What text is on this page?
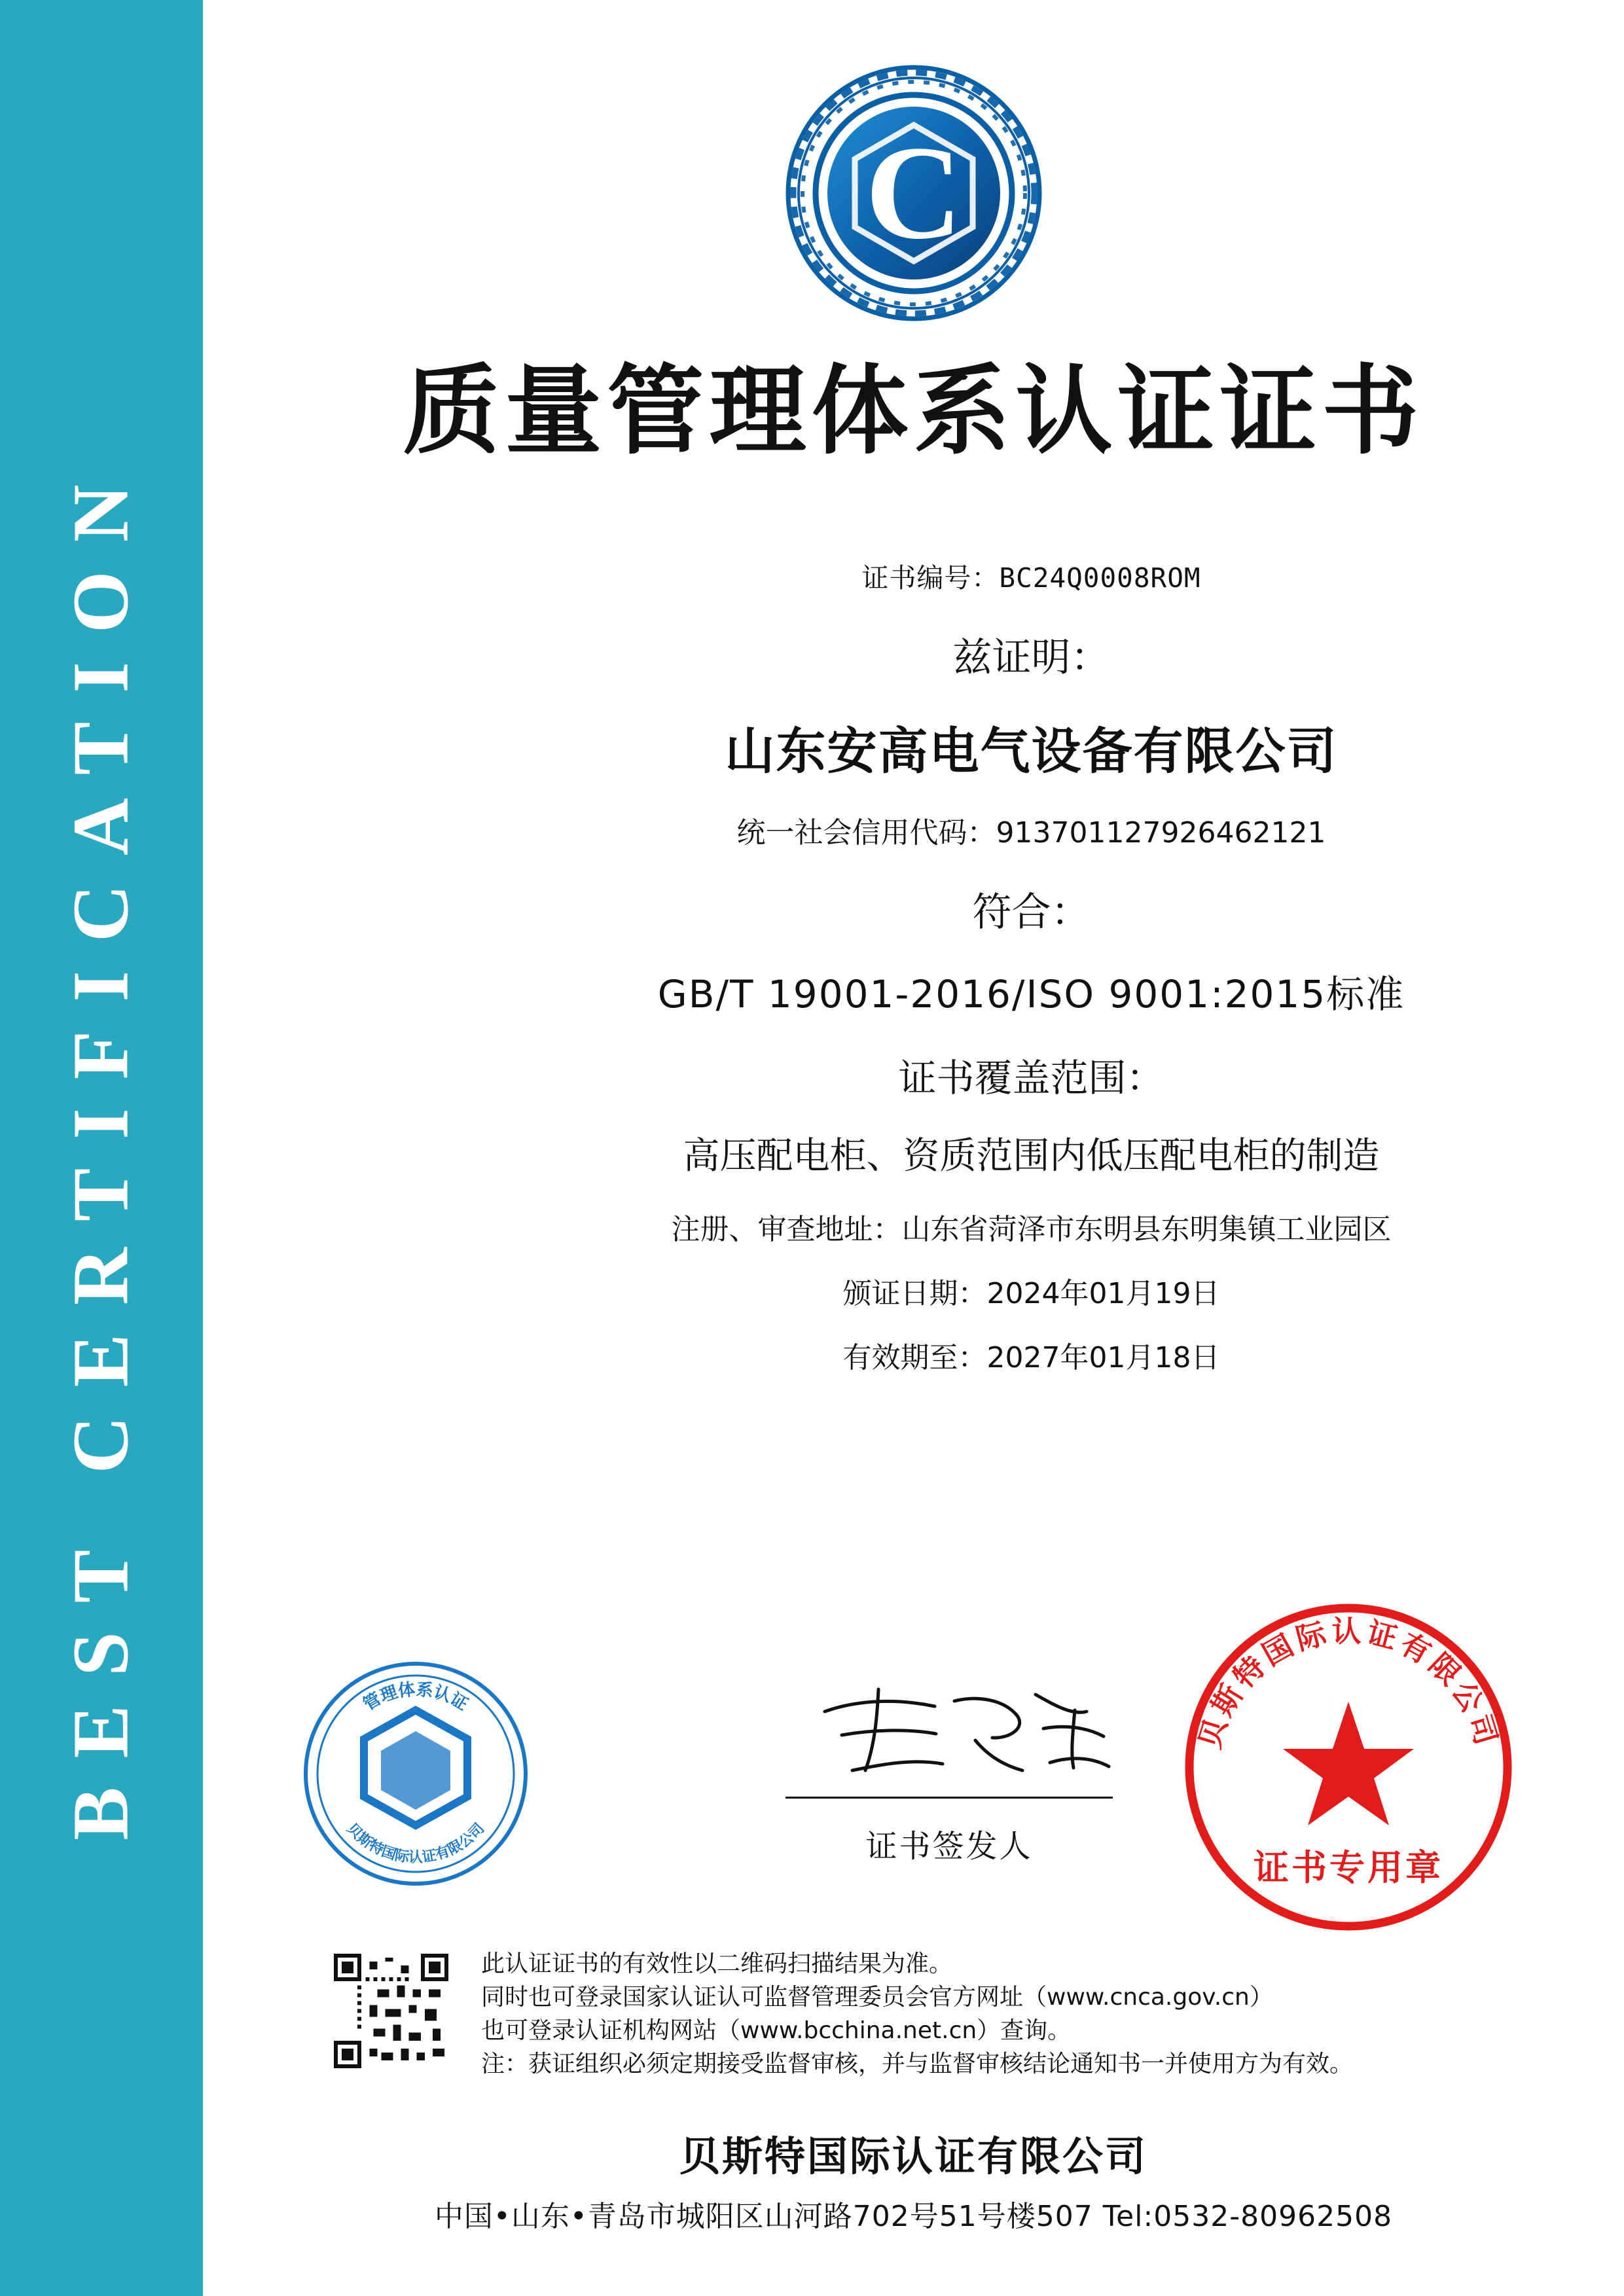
BEST CERTIFICATION
C
质量管理体系认证证书
证书编号：BC24Q0008ROM
兹证明：
山东安高电气设备有限公司
统一社会信用代码：913701127926462121
符合：
GB/T 19001-2016/ISO 9001:2015标准
证书覆盖范围：
高压配电柜、资质范围内低压配电柜的制造
注册、审查地址：山东省菏泽市东明县东明集镇工业园区
颁证日期：2024年01月19日
有效期至：2027年01月18日
管理体系认证
贝斯特国际认证有限公司	证书签发人
贝斯特国际认证有限公司
证书专用章
此认证证书的有效性以二维码扫描结果为准。
同时也可登录国家认证认可监督管理委员会官方网址（www.cnca.gov.cn）
也可登录认证机构网站（www.bcchina.net.cn）查询。
注：获证组织必须定期接受监督审核，并与监督审核结论通知书一并使用方为有效。
贝斯特国际认证有限公司
中国•山东•青岛市城阳区山河路702号51号楼507 Tel:0532-80962508
